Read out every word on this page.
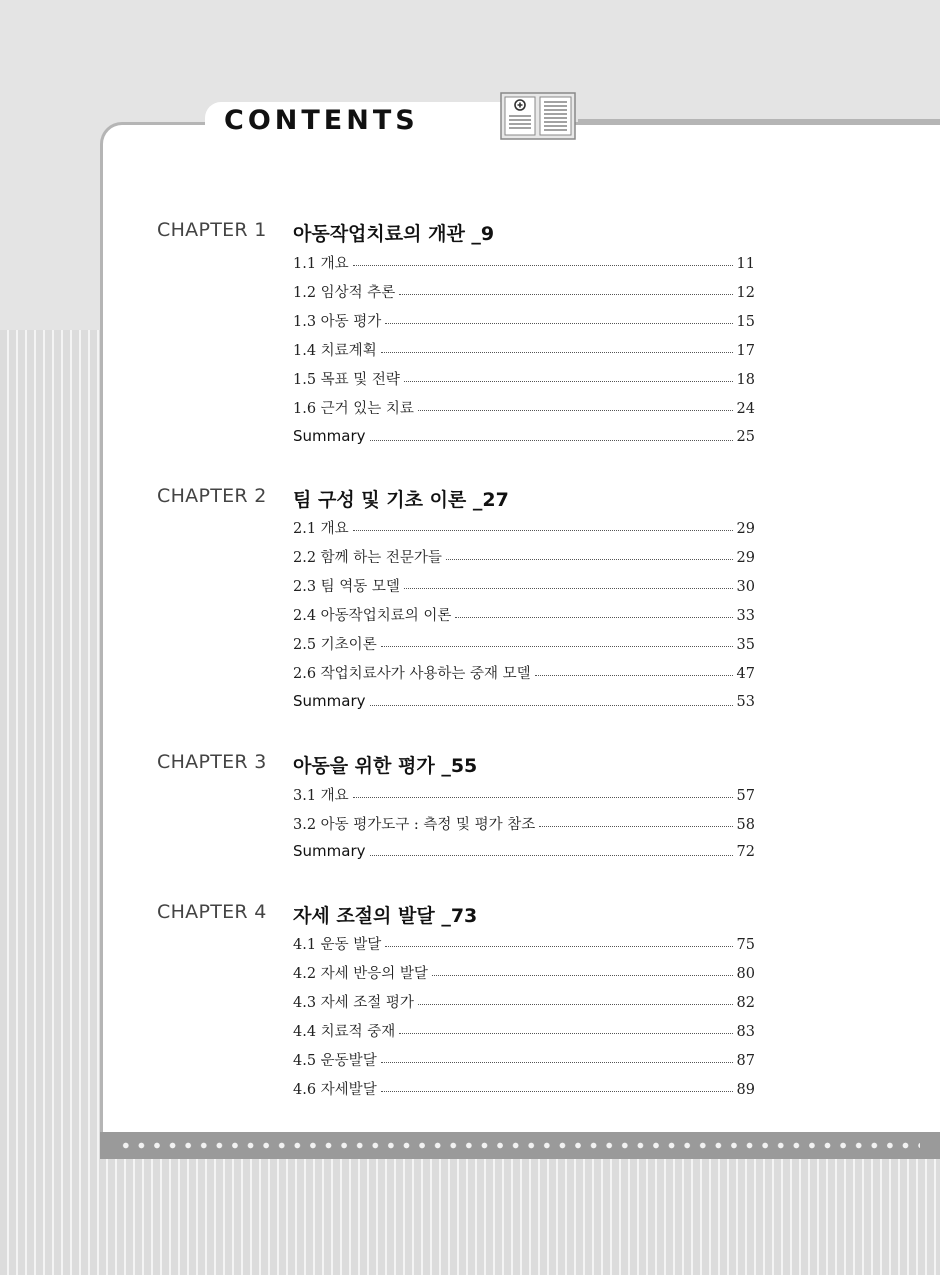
CONTENTS
CHAPTER 1 아동작업치료의 개관 _9
1.1 개요	11
1.2 임상적 추론	12
1.3 아동 평가	15
1.4 치료계획	17
1.5 목표 및 전략	18
1.6 근거 있는 치료	24
Summary	25
CHAPTER 2 팀 구성 및 기초 이론 _27
2.1 개요	29
2.2 함께 하는 전문가들	29
2.3 팀 역동 모델	30
2.4 아동작업치료의 이론	33
2.5 기초이론	35
2.6 작업치료사가 사용하는 중재 모델	47
Summary	53
CHAPTER 3 아동을 위한 평가 _55
3.1 개요	57
3.2 아동 평가도구 : 측정 및 평가 참조	58
Summary	72
CHAPTER 4 자세 조절의 발달 _73
4.1 운동 발달	75
4.2 자세 반응의 발달	80
4.3 자세 조절 평가	82
4.4 치료적 중재	83
4.5 운동발달	87
4.6 자세발달	89
